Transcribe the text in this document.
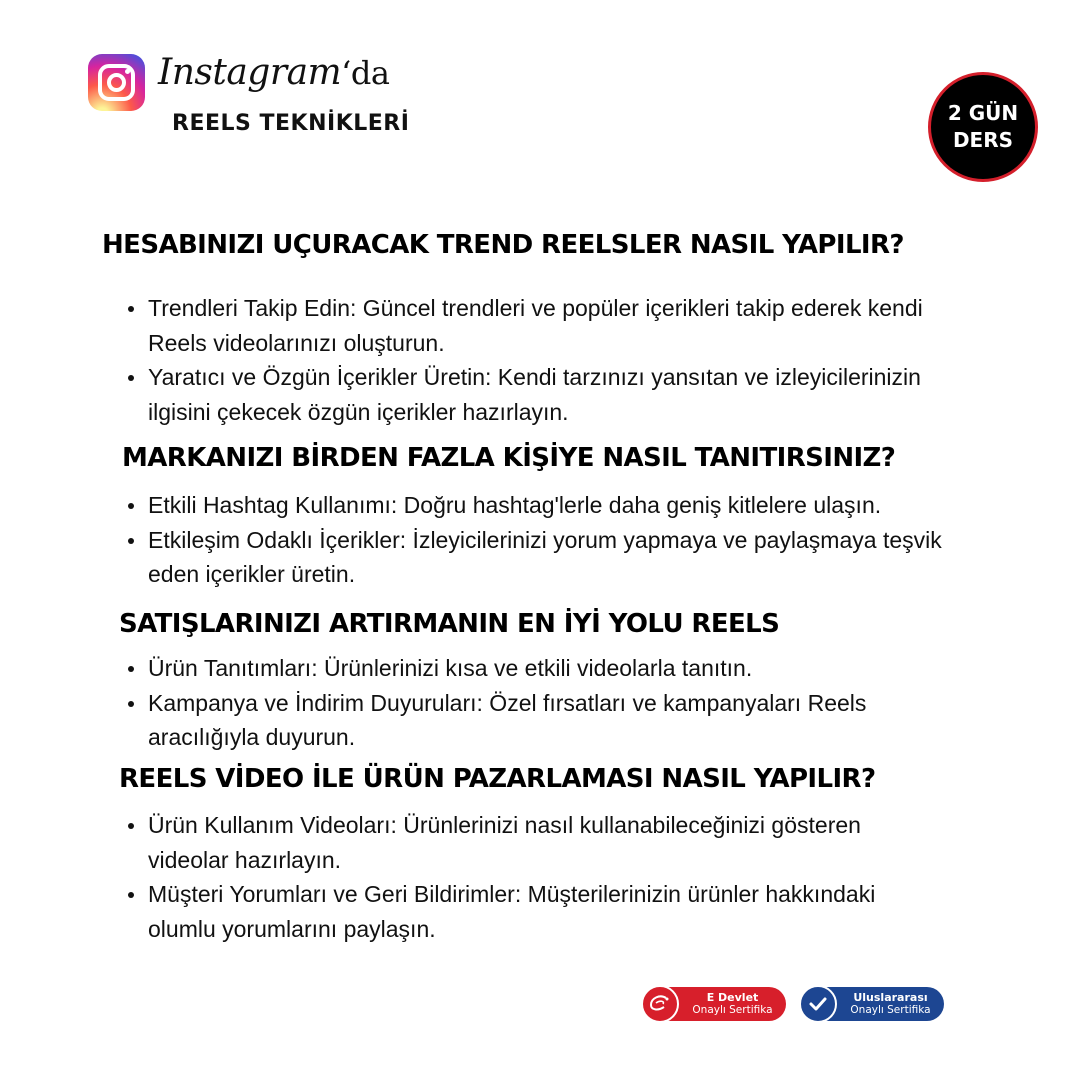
Instagram‘da
REELS TEKNİKLERİ	2 GÜN
DERS
HESABINIZI UÇURACAK TREND REELSLER NASIL YAPILIR?
Trendleri Takip Edin: Güncel trendleri ve popüler içerikleri takip ederek kendi Reels videolarınızı oluşturun.
Yaratıcı ve Özgün İçerikler Üretin: Kendi tarzınızı yansıtan ve izleyicilerinizin ilgisini çekecek özgün içerikler hazırlayın.
MARKANIZI BİRDEN FAZLA KİŞİYE NASIL TANITIRSINIZ?
Etkili Hashtag Kullanımı: Doğru hashtag'lerle daha geniş kitlelere ulaşın.
Etkileşim Odaklı İçerikler: İzleyicilerinizi yorum yapmaya ve paylaşmaya teşvik eden içerikler üretin.
SATIŞLARINIZI ARTIRMANIN EN İYİ YOLU REELS
Ürün Tanıtımları: Ürünlerinizi kısa ve etkili videolarla tanıtın.
Kampanya ve İndirim Duyuruları: Özel fırsatları ve kampanyaları Reels aracılığıyla duyurun.
REELS VİDEO İLE ÜRÜN PAZARLAMASI NASIL YAPILIR?
Ürün Kullanım Videoları: Ürünlerinizi nasıl kullanabileceğinizi gösteren videolar hazırlayın.
Müşteri Yorumları ve Geri Bildirimler: Müşterilerinizin ürünler hakkındaki olumlu yorumlarını paylaşın.
E Devlet
Onaylı Sertifika
Uluslararası
Onaylı Sertifika
